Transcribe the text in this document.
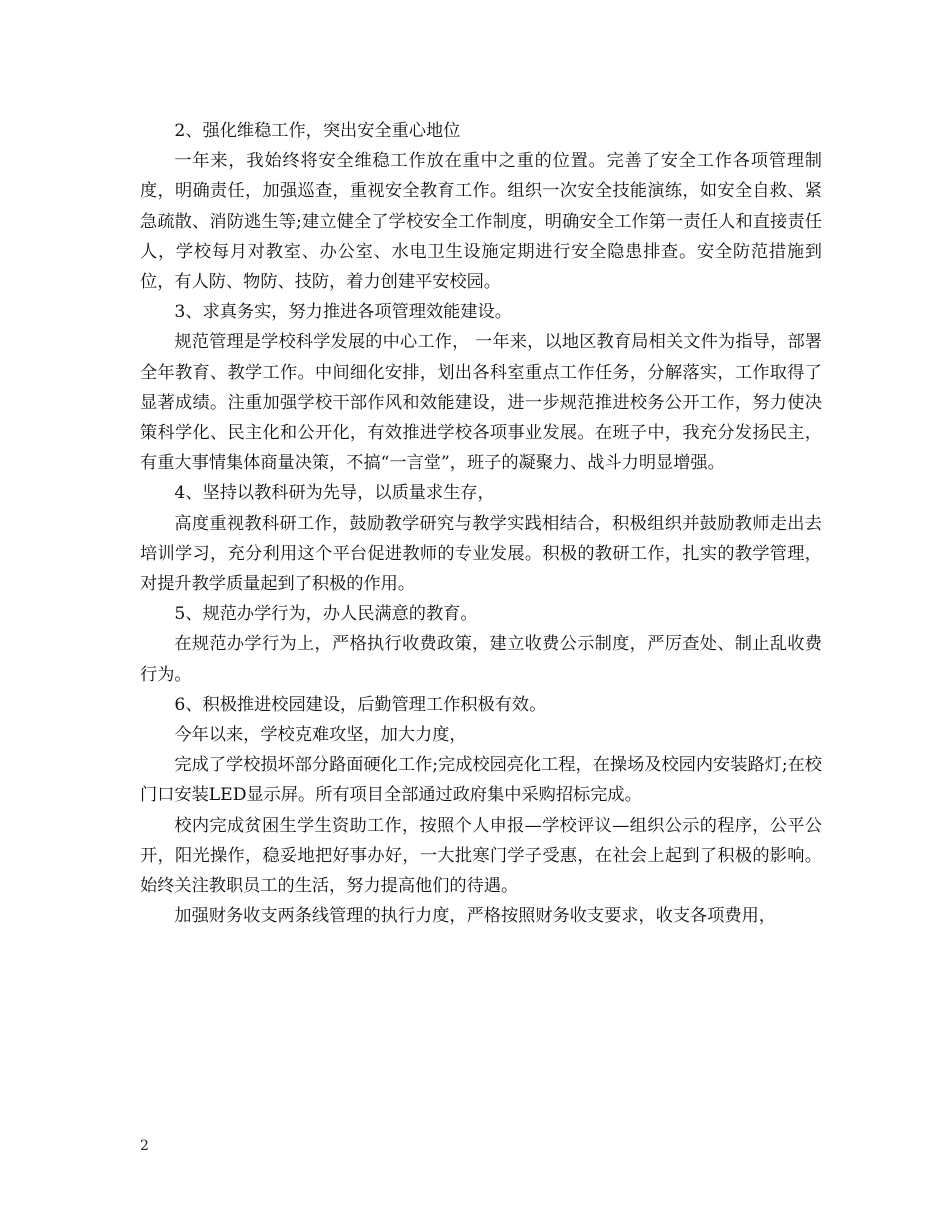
2、强化维稳工作，突出安全重心地位

一年来，我始终将安全维稳工作放在重中之重的位置。完善了安全工作各项管理制度，明确责任，加强巡查，重视安全教育工作。组织一次安全技能演练，如安全自救、紧急疏散、消防逃生等;建立健全了学校安全工作制度，明确安全工作第一责任人和直接责任人，学校每月对教室、办公室、水电卫生设施定期进行安全隐患排查。安全防范措施到位，有人防、物防、技防，着力创建平安校园。

3、求真务实，努力推进各项管理效能建设。

规范管理是学校科学发展的中心工作， 一年来，以地区教育局相关文件为指导，部署全年教育、教学工作。中间细化安排，划出各科室重点工作任务，分解落实，工作取得了显著成绩。注重加强学校干部作风和效能建设，进一步规范推进校务公开工作，努力使决策科学化、民主化和公开化，有效推进学校各项事业发展。在班子中，我充分发扬民主，有重大事情集体商量决策，不搞“一言堂”，班子的凝聚力、战斗力明显增强。

4、坚持以教科研为先导，以质量求生存，

高度重视教科研工作，鼓励教学研究与教学实践相结合，积极组织并鼓励教师走出去培训学习，充分利用这个平台促进教师的专业发展。积极的教研工作，扎实的教学管理，对提升教学质量起到了积极的作用。

5、规范办学行为，办人民满意的教育。

在规范办学行为上，严格执行收费政策，建立收费公示制度，严厉查处、制止乱收费行为。

6、积极推进校园建设，后勤管理工作积极有效。

今年以来，学校克难攻坚，加大力度，

完成了学校损坏部分路面硬化工作;完成校园亮化工程，在操场及校园内安装路灯;在校门口安装LED显示屏。所有项目全部通过政府集中采购招标完成。

校内完成贫困生学生资助工作，按照个人申报—学校评议—组织公示的程序，公平公开，阳光操作，稳妥地把好事办好，一大批寒门学子受惠，在社会上起到了积极的影响。始终关注教职员工的生活，努力提高他们的待遇。

加强财务收支两条线管理的执行力度，严格按照财务收支要求，收支各项费用，

2
